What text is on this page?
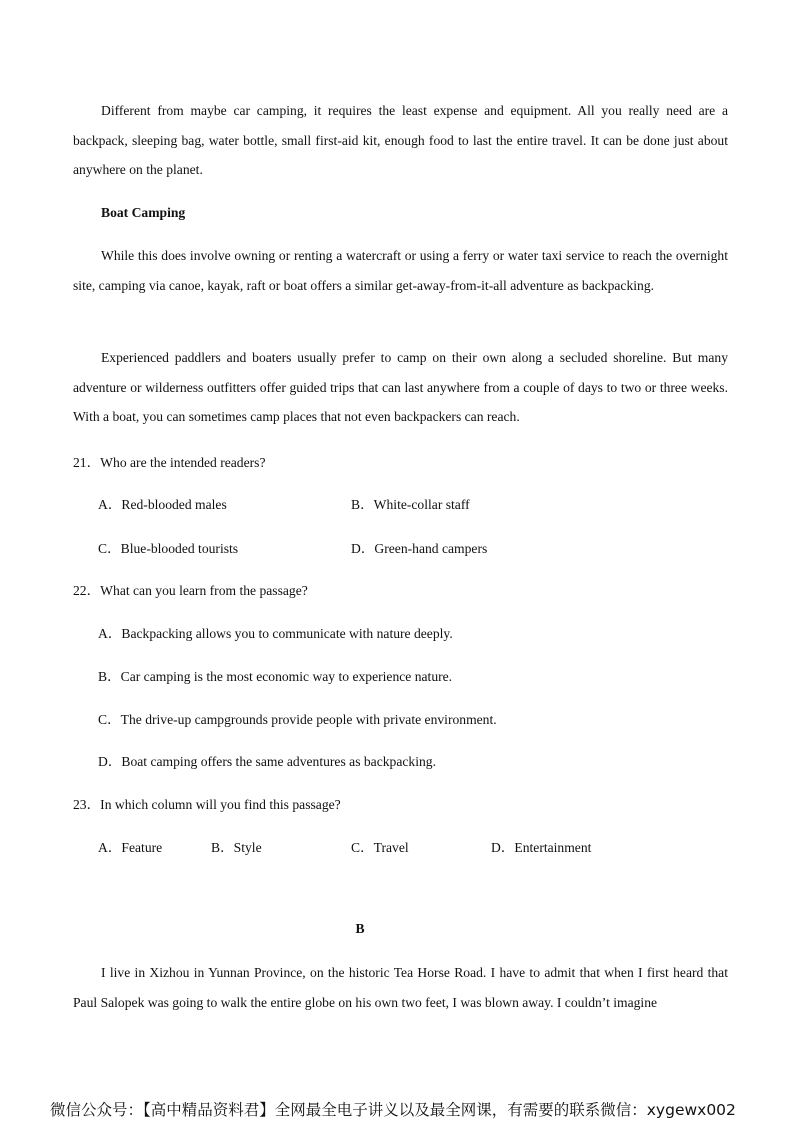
Different from maybe car camping, it requires the least expense and equipment. All you really need are a backpack, sleeping bag, water bottle, small first-aid kit, enough food to last the entire travel. It can be done just about anywhere on the planet.

Boat Camping

While this does involve owning or renting a watercraft or using a ferry or water taxi service to reach the overnight site, camping via canoe, kayak, raft or boat offers a similar get-away-from-it-all adventure as backpacking.

Experienced paddlers and boaters usually prefer to camp on their own along a secluded shoreline. But many adventure or wilderness outfitters offer guided trips that can last anywhere from a couple of days to two or three weeks. With a boat, you can sometimes camp places that not even backpackers can reach.

21．Who are the intended readers?

A．Red-blooded males	B．White-collar staff

C．Blue-blooded tourists	D．Green-hand campers

22．What can you learn from the passage?

A．Backpacking allows you to communicate with nature deeply.

B．Car camping is the most economic way to experience nature.

C．The drive-up campgrounds provide people with private environment.

D．Boat camping offers the same adventures as backpacking.

23．In which column will you find this passage?

A．Feature	B．Style	C．Travel	D．Entertainment

B

I live in Xizhou in Yunnan Province, on the historic Tea Horse Road. I have to admit that when I first heard that Paul Salopek was going to walk the entire globe on his own two feet, I was blown away. I couldn’t imagine

微信公众号：【高中精品资料君】全网最全电子讲义以及最全网课，有需要的联系微信：xygewx002
